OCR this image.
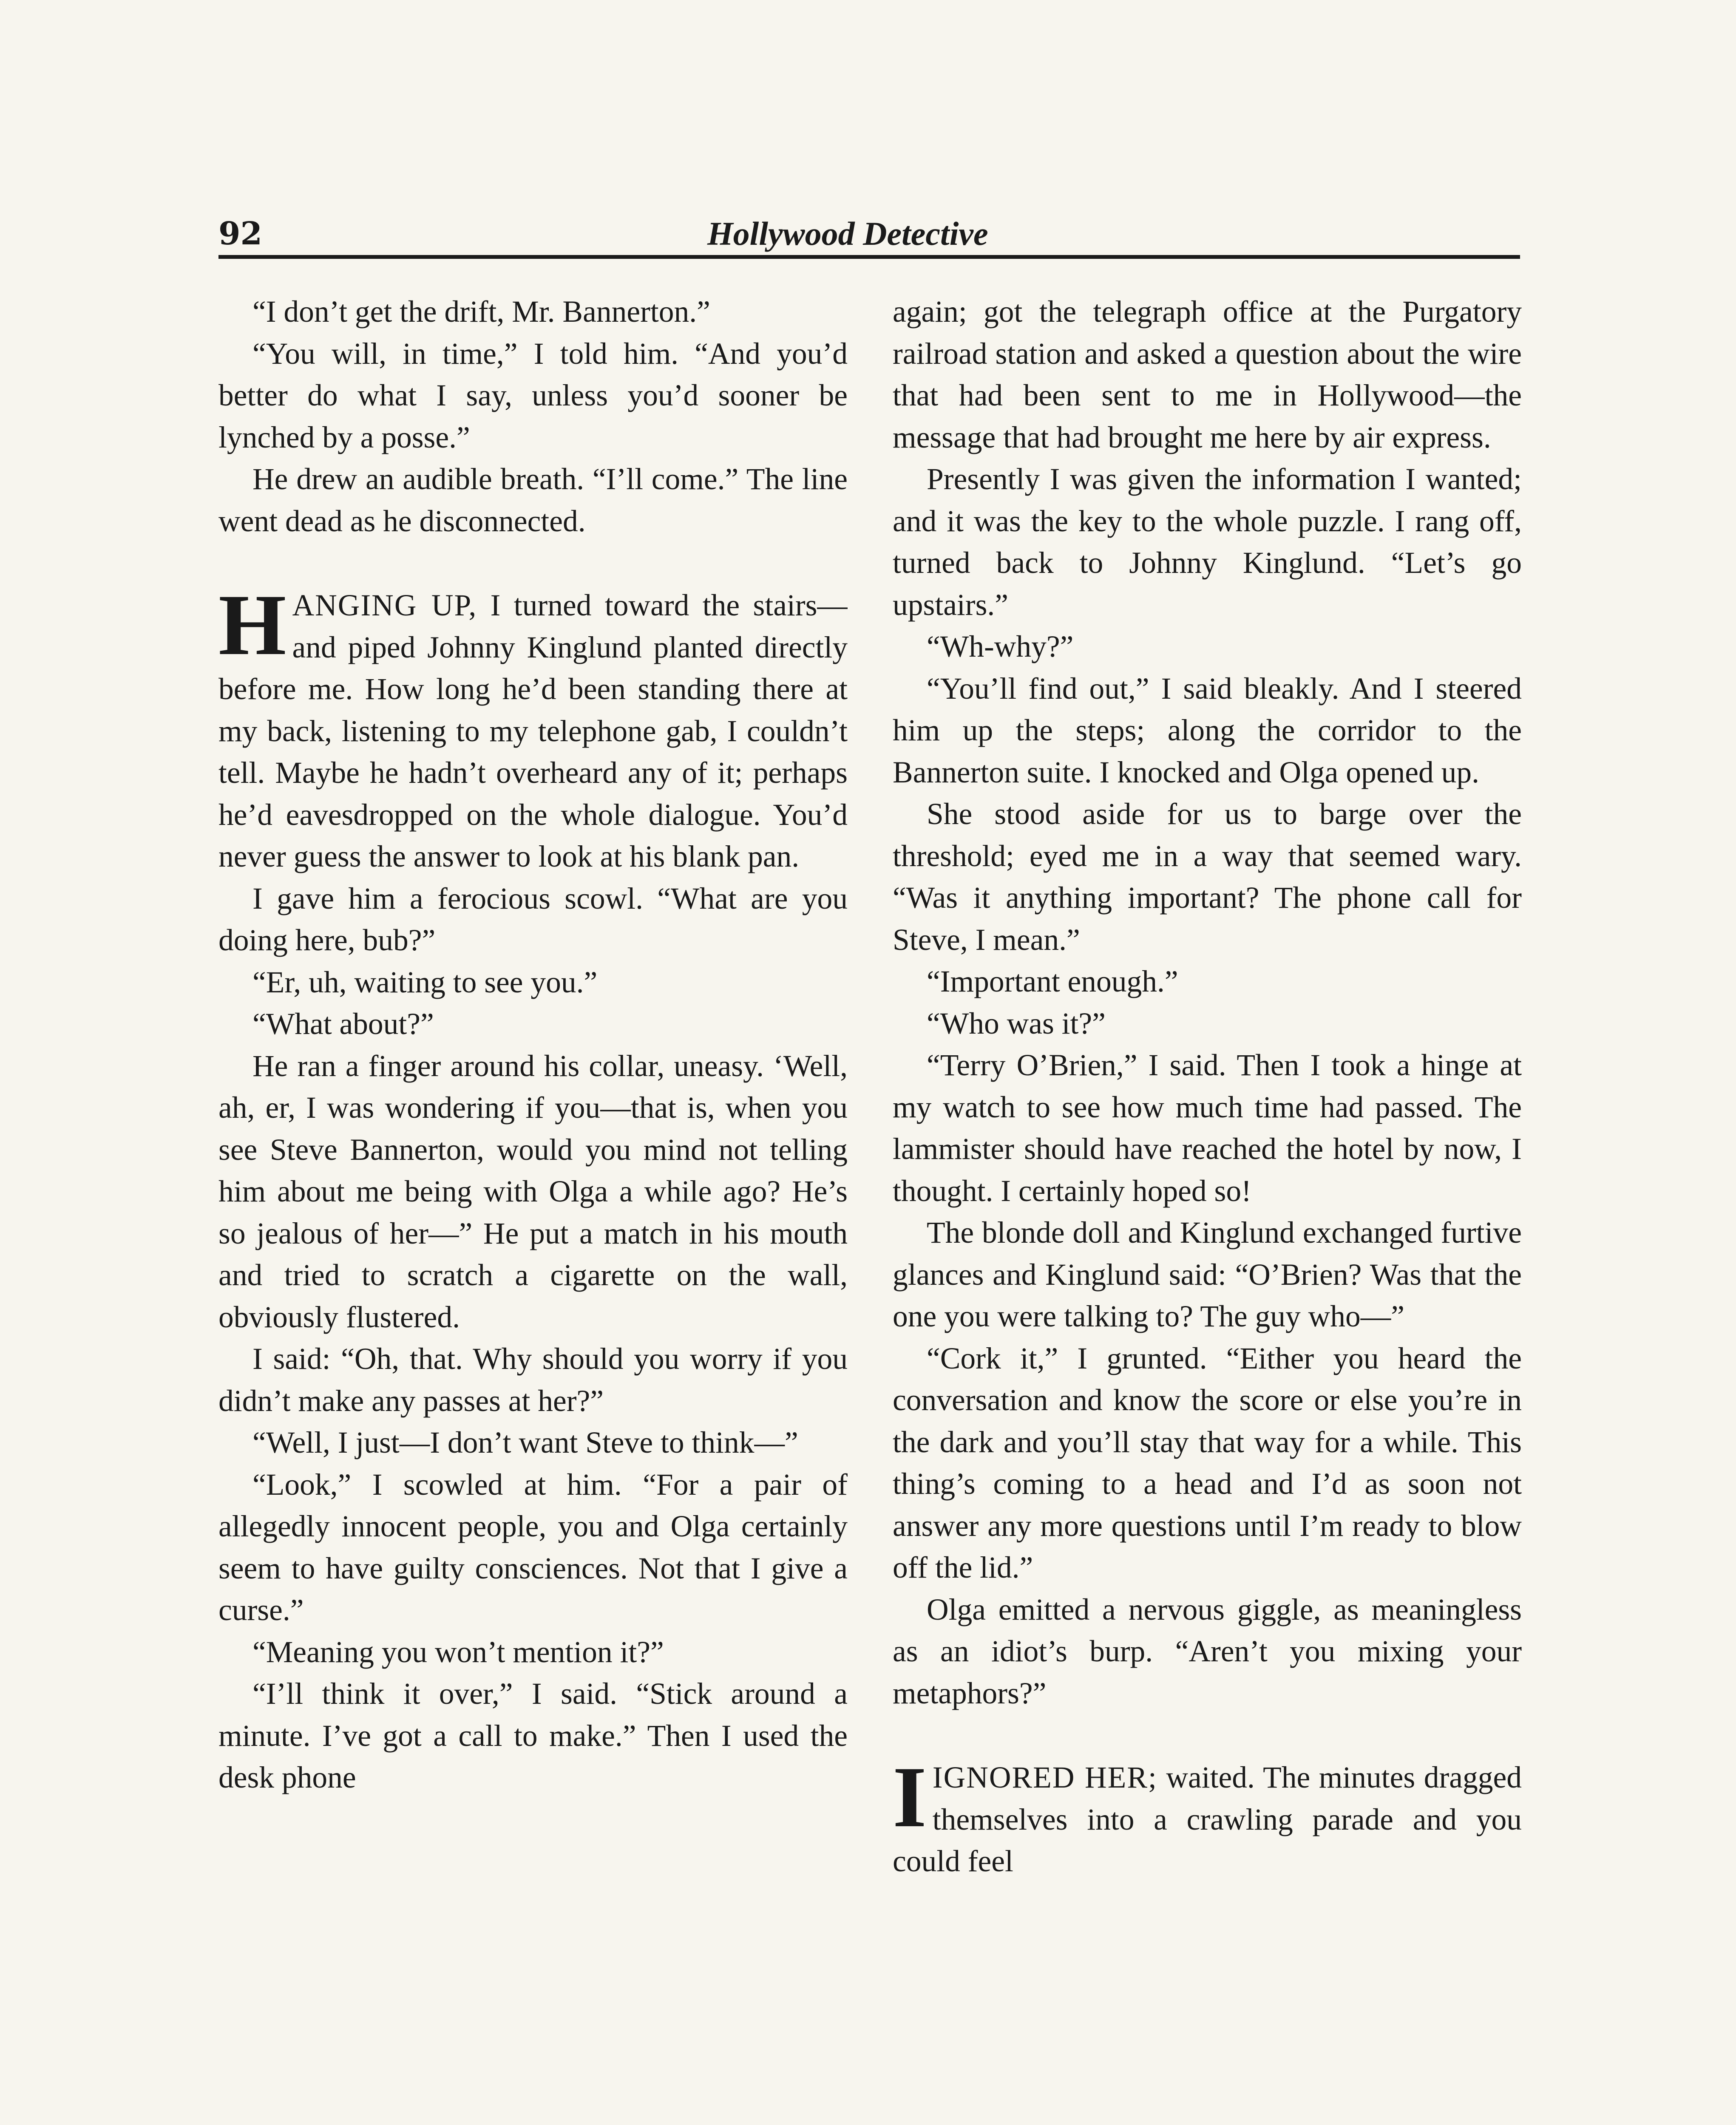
92	Hollywood Detective

“I don’t get the drift, Mr. Bannerton.”

“You will, in time,” I told him. “And you’d better do what I say, unless you’d sooner be lynched by a posse.”

He drew an audible breath. “I’ll come.” The line went dead as he disconnected.

HANGING UP, I turned toward the stairs—and piped Johnny Kinglund planted directly before me. How long he’d been standing there at my back, listening to my telephone gab, I couldn’t tell. Maybe he hadn’t overheard any of it; perhaps he’d eavesdropped on the whole dialogue. You’d never guess the answer to look at his blank pan.

I gave him a ferocious scowl. “What are you doing here, bub?”

“Er, uh, waiting to see you.”

“What about?”

He ran a finger around his collar, uneasy. ‘Well, ah, er, I was wondering if you—that is, when you see Steve Bannerton, would you mind not telling him about me being with Olga a while ago? He’s so jealous of her—” He put a match in his mouth and tried to scratch a cigarette on the wall, obviously flustered.

I said: “Oh, that. Why should you worry if you didn’t make any passes at her?”

“Well, I just—I don’t want Steve to think—”

“Look,” I scowled at him. “For a pair of allegedly innocent people, you and Olga certainly seem to have guilty consciences. Not that I give a curse.”

“Meaning you won’t mention it?”

“I’ll think it over,” I said. “Stick around a minute. I’ve got a call to make.” Then I used the desk phone

again; got the telegraph office at the Purgatory railroad station and asked a question about the wire that had been sent to me in Hollywood—the message that had brought me here by air express.

Presently I was given the information I wanted; and it was the key to the whole puzzle. I rang off, turned back to Johnny Kinglund. “Let’s go upstairs.”

“Wh-why?”

“You’ll find out,” I said bleakly. And I steered him up the steps; along the corridor to the Bannerton suite. I knocked and Olga opened up.

She stood aside for us to barge over the threshold; eyed me in a way that seemed wary. “Was it anything important? The phone call for Steve, I mean.”

“Important enough.”

“Who was it?”

“Terry O’Brien,” I said. Then I took a hinge at my watch to see how much time had passed. The lammister should have reached the hotel by now, I thought. I certainly hoped so!

The blonde doll and Kinglund exchanged furtive glances and Kinglund said: “O’Brien? Was that the one you were talking to? The guy who—”

“Cork it,” I grunted. “Either you heard the conversation and know the score or else you’re in the dark and you’ll stay that way for a while. This thing’s coming to a head and I’d as soon not answer any more questions until I’m ready to blow off the lid.”

Olga emitted a nervous giggle, as meaningless as an idiot’s burp. “Aren’t you mixing your metaphors?”

IIGNORED HER; waited. The minutes dragged themselves into a crawling parade and you could feel
